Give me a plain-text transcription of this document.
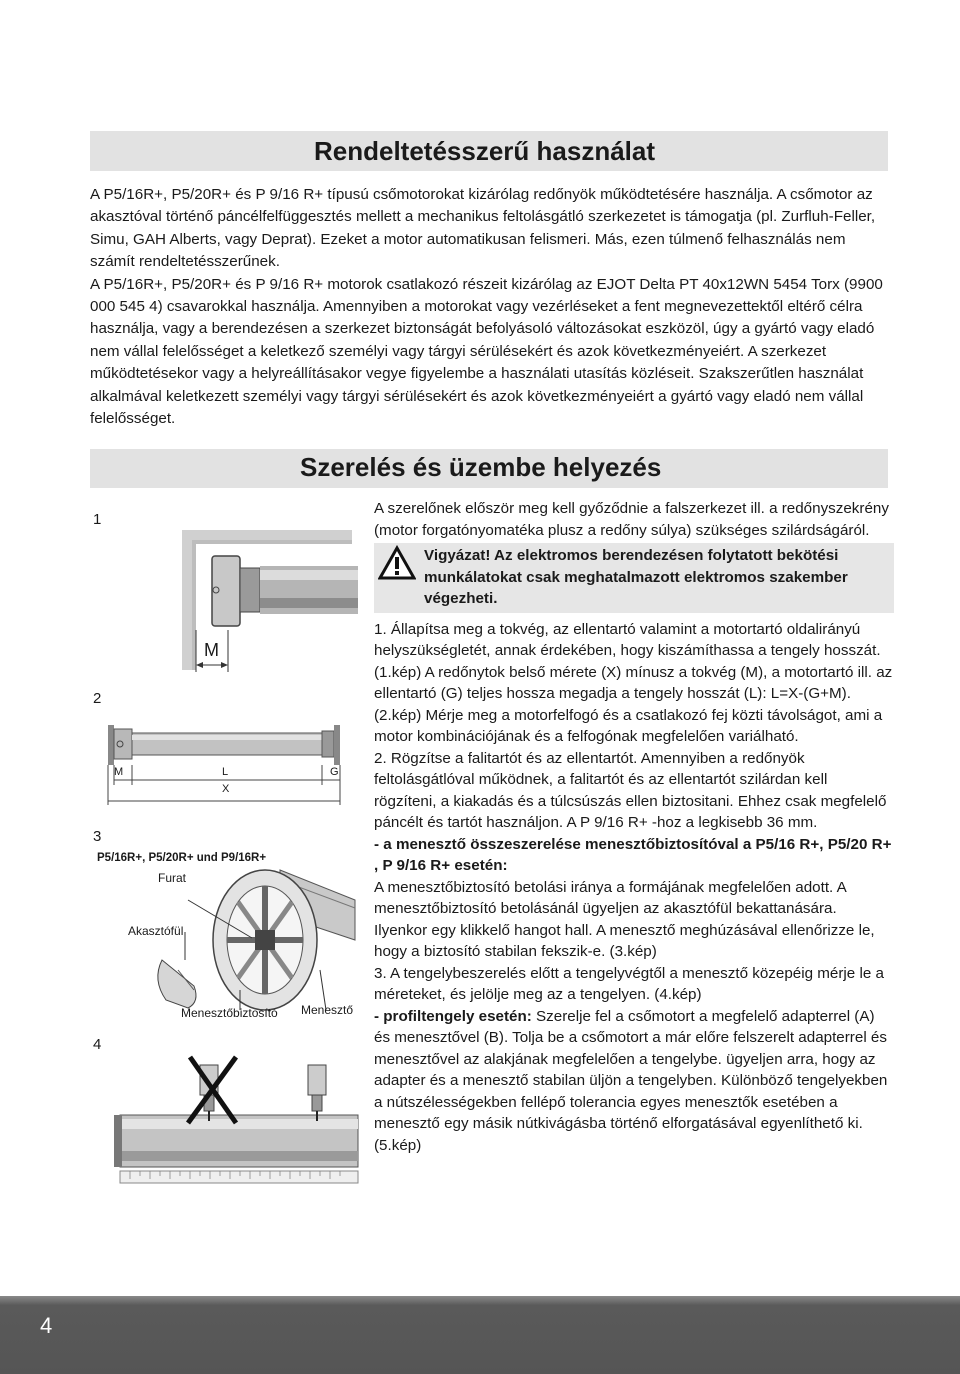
Rendeltetésszerű használat

A P5/16R+, P5/20R+ és P 9/16 R+ típusú csőmotorokat kizárólag redőnyök működtetésére használja. A csőmotor az akasztóval történő páncélfelfüggesztés mellett a mechanikus feltolásgátló szerkezetet is támogatja (pl. Zurfluh-Feller, Simu, GAH Alberts, vagy Deprat). Ezeket a motor automatikusan felismeri. Más, ezen túlmenő felhasználás nem számít rendeltetésszerűnek.

A P5/16R+, P5/20R+ és P 9/16 R+ motorok csatlakozó részeit kizárólag az EJOT Delta PT 40x12WN 5454 Torx (9900 000 545 4) csavarokkal használja. Amennyiben a motorokat vagy vezérléseket a fent megnevezettektől eltérő célra használja, vagy a berendezésen a szerkezet biztonságát befolyásoló változásokat eszközöl, úgy a gyártó vagy eladó nem vállal felelősséget a keletkező személyi vagy tárgyi sérülésekért és azok következményeiért. A szerkezet működtetésekor vagy a helyreállításakor vegye figyelembe a használati utasítás közléseit. Szakszerűtlen használat alkalmával keletkezett személyi vagy tárgyi sérülésekért és azok következményeiért a gyártó vagy eladó nem vállal felelősséget.

Szerelés és üzembe helyezés
1
M
2
M	L	G
X
3
P5/16R+, P5/20R+ und P9/16R+
Furat
Akasztófül
Menesztőbiztosító Menesztő
4

A szerelőnek először meg kell győződnie a falszerkezet ill. a redőnyszekrény (motor forgatónyomatéka plusz a redőny súlya) szükséges szilárdságáról.

Vigyázat! Az elektromos berendezésen folytatott bekötési munkálatokat csak meghatalmazott elektromos szakember végezheti.

1. Állapítsa meg a tokvég, az ellentartó valamint a motortartó oldalirányú helyszükségletét, annak érdekében, hogy kiszámíthassa a tengely hosszát.(1.kép) A redőnytok belső mérete (X) mínusz a tokvég (M), a motortartó ill. az ellentartó (G) teljes hossza megadja a tengely hosszát (L): L=X-(G+M).(2.kép) Mérje meg a motorfelfogó és a csatlakozó fej közti távolságot, ami a motor kombinációjának és a felfogónak megfelelően variálható.

2. Rögzítse a falitartót és az ellentartót. Amennyiben a redőnyök feltolásgátlóval működnek, a falitartót és az ellentartót szilárdan kell rögzíteni, a kiakadás és a túlcsúszás ellen biztositani. Ehhez csak megfelelő páncélt és tartót használjon. A P 9/16 R+ -hoz a legkisebb 36 mm.

- a menesztő összeszerelése menesztőbiztosítóval a P5/16 R+, P5/20 R+ , P 9/16 R+ esetén:

A menesztőbiztosító betolási iránya a formájának megfelelően adott. A menesztőbiztosító betolásánál ügyeljen az akasztófül bekattanására. Ilyenkor egy klikkelő hangot hall. A menesztő meghúzásával ellenőrizze le, hogy a biztosító stabilan fekszik-e. (3.kép)

3. A tengelybeszerelés előtt a tengelyvégtől a menesztő közepéig mérje le a méreteket, és jelölje meg az a tengelyen. (4.kép)

- profiltengely esetén: Szerelje fel a csőmotort a megfelelő adapterrel (A) és menesztővel (B). Tolja be a csőmotort a már előre felszerelt adapterrel és menesztővel az alakjának megfelelően a tengelybe. ügyeljen arra, hogy az adapter és a menesztő stabilan üljön a tengelyben. Különböző tengelyekben a nútszélességekben fellépő tolerancia egyes menesztők esetében a menesztő egy másik nútkivágásba történő elforgatásával egyenlíthető ki.(5.kép)

4
